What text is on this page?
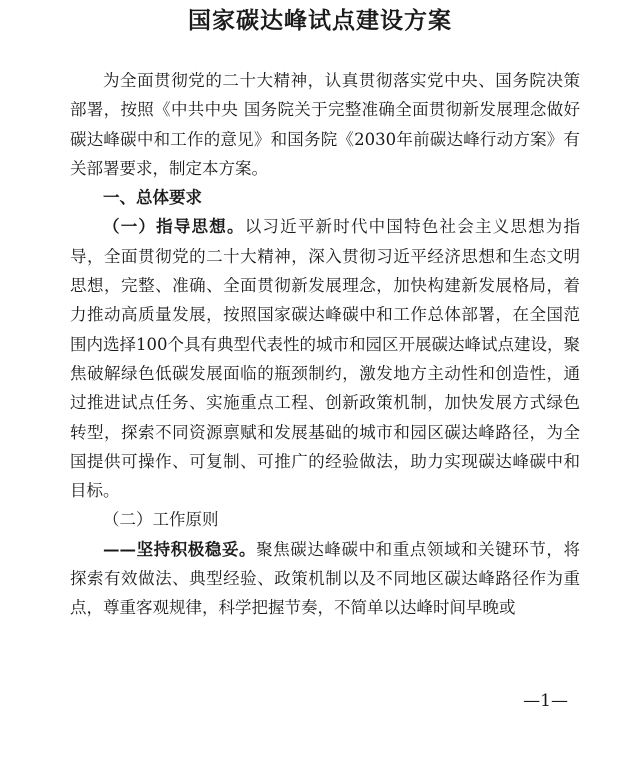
国家碳达峰试点建设方案

为全面贯彻党的二十大精神，认真贯彻落实党中央、国务院决策部署，按照《中共中央 国务院关于完整准确全面贯彻新发展理念做好碳达峰碳中和工作的意见》和国务院《2030年前碳达峰行动方案》有关部署要求，制定本方案。

一、总体要求

（一）指导思想。以习近平新时代中国特色社会主义思想为指导，全面贯彻党的二十大精神，深入贯彻习近平经济思想和生态文明思想，完整、准确、全面贯彻新发展理念，加快构建新发展格局，着力推动高质量发展，按照国家碳达峰碳中和工作总体部署，在全国范围内选择100个具有典型代表性的城市和园区开展碳达峰试点建设，聚焦破解绿色低碳发展面临的瓶颈制约，激发地方主动性和创造性，通过推进试点任务、实施重点工程、创新政策机制，加快发展方式绿色转型，探索不同资源禀赋和发展基础的城市和园区碳达峰路径，为全国提供可操作、可复制、可推广的经验做法，助力实现碳达峰碳中和目标。

（二）工作原则

——坚持积极稳妥。聚焦碳达峰碳中和重点领域和关键环节，将探索有效做法、典型经验、政策机制以及不同地区碳达峰路径作为重点，尊重客观规律，科学把握节奏，不简单以达峰时间早晚或

—1—
